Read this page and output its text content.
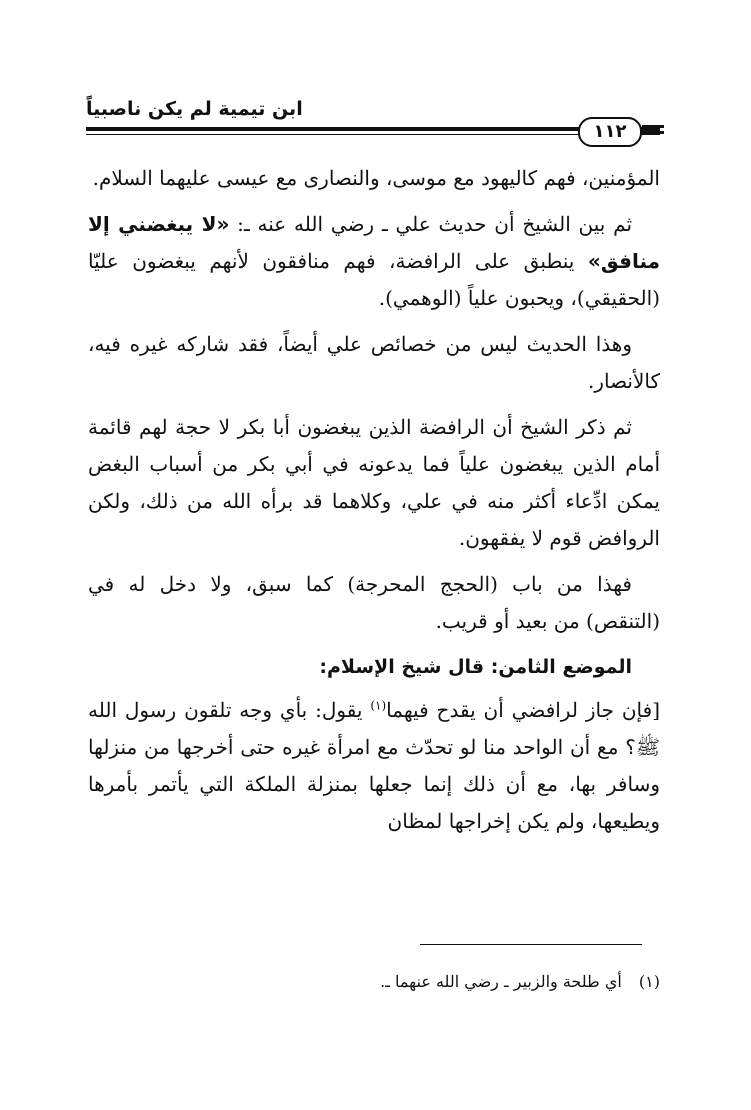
ابن تيمية لم يكن ناصبياً
١١٢

المؤمنين، فهم كاليهود مع موسى، والنصارى مع عيسى عليهما السلام.

ثم بين الشيخ أن حديث علي ـ رضي الله عنه ـ: «لا يبغضني إلا منافق» ينطبق على الرافضة، فهم منافقون لأنهم يبغضون عليّا (الحقيقي)، ويحبون علياً (الوهمي).

وهذا الحديث ليس من خصائص علي أيضاً، فقد شاركه غيره فيه، كالأنصار.

ثم ذكر الشيخ أن الرافضة الذين يبغضون أبا بكر لا حجة لهم قائمة أمام الذين يبغضون علياً فما يدعونه في أبي بكر من أسباب البغض يمكن ادِّعاء أكثر منه في علي، وكلاهما قد برأه الله من ذلك، ولكن الروافض قوم لا يفقهون.

فهذا من باب (الحجج المحرجة) كما سبق، ولا دخل له في (التنقص) من بعيد أو قريب.

الموضع الثامن: قال شيخ الإسلام:

[فإن جاز لرافضي أن يقدح فيهما$^{(١)}$ يقول: بأي وجه تلقون رسول الله ﷺ؟ مع أن الواحد منا لو تحدّث مع امرأة غيره حتى أخرجها من منزلها وسافر بها، مع أن ذلك إنما جعلها بمنزلة الملكة التي يأتمر بأمرها ويطيعها، ولم يكن إخراجها لمظان

(١) أي طلحة والزبير ـ رضي الله عنهما ـ.
